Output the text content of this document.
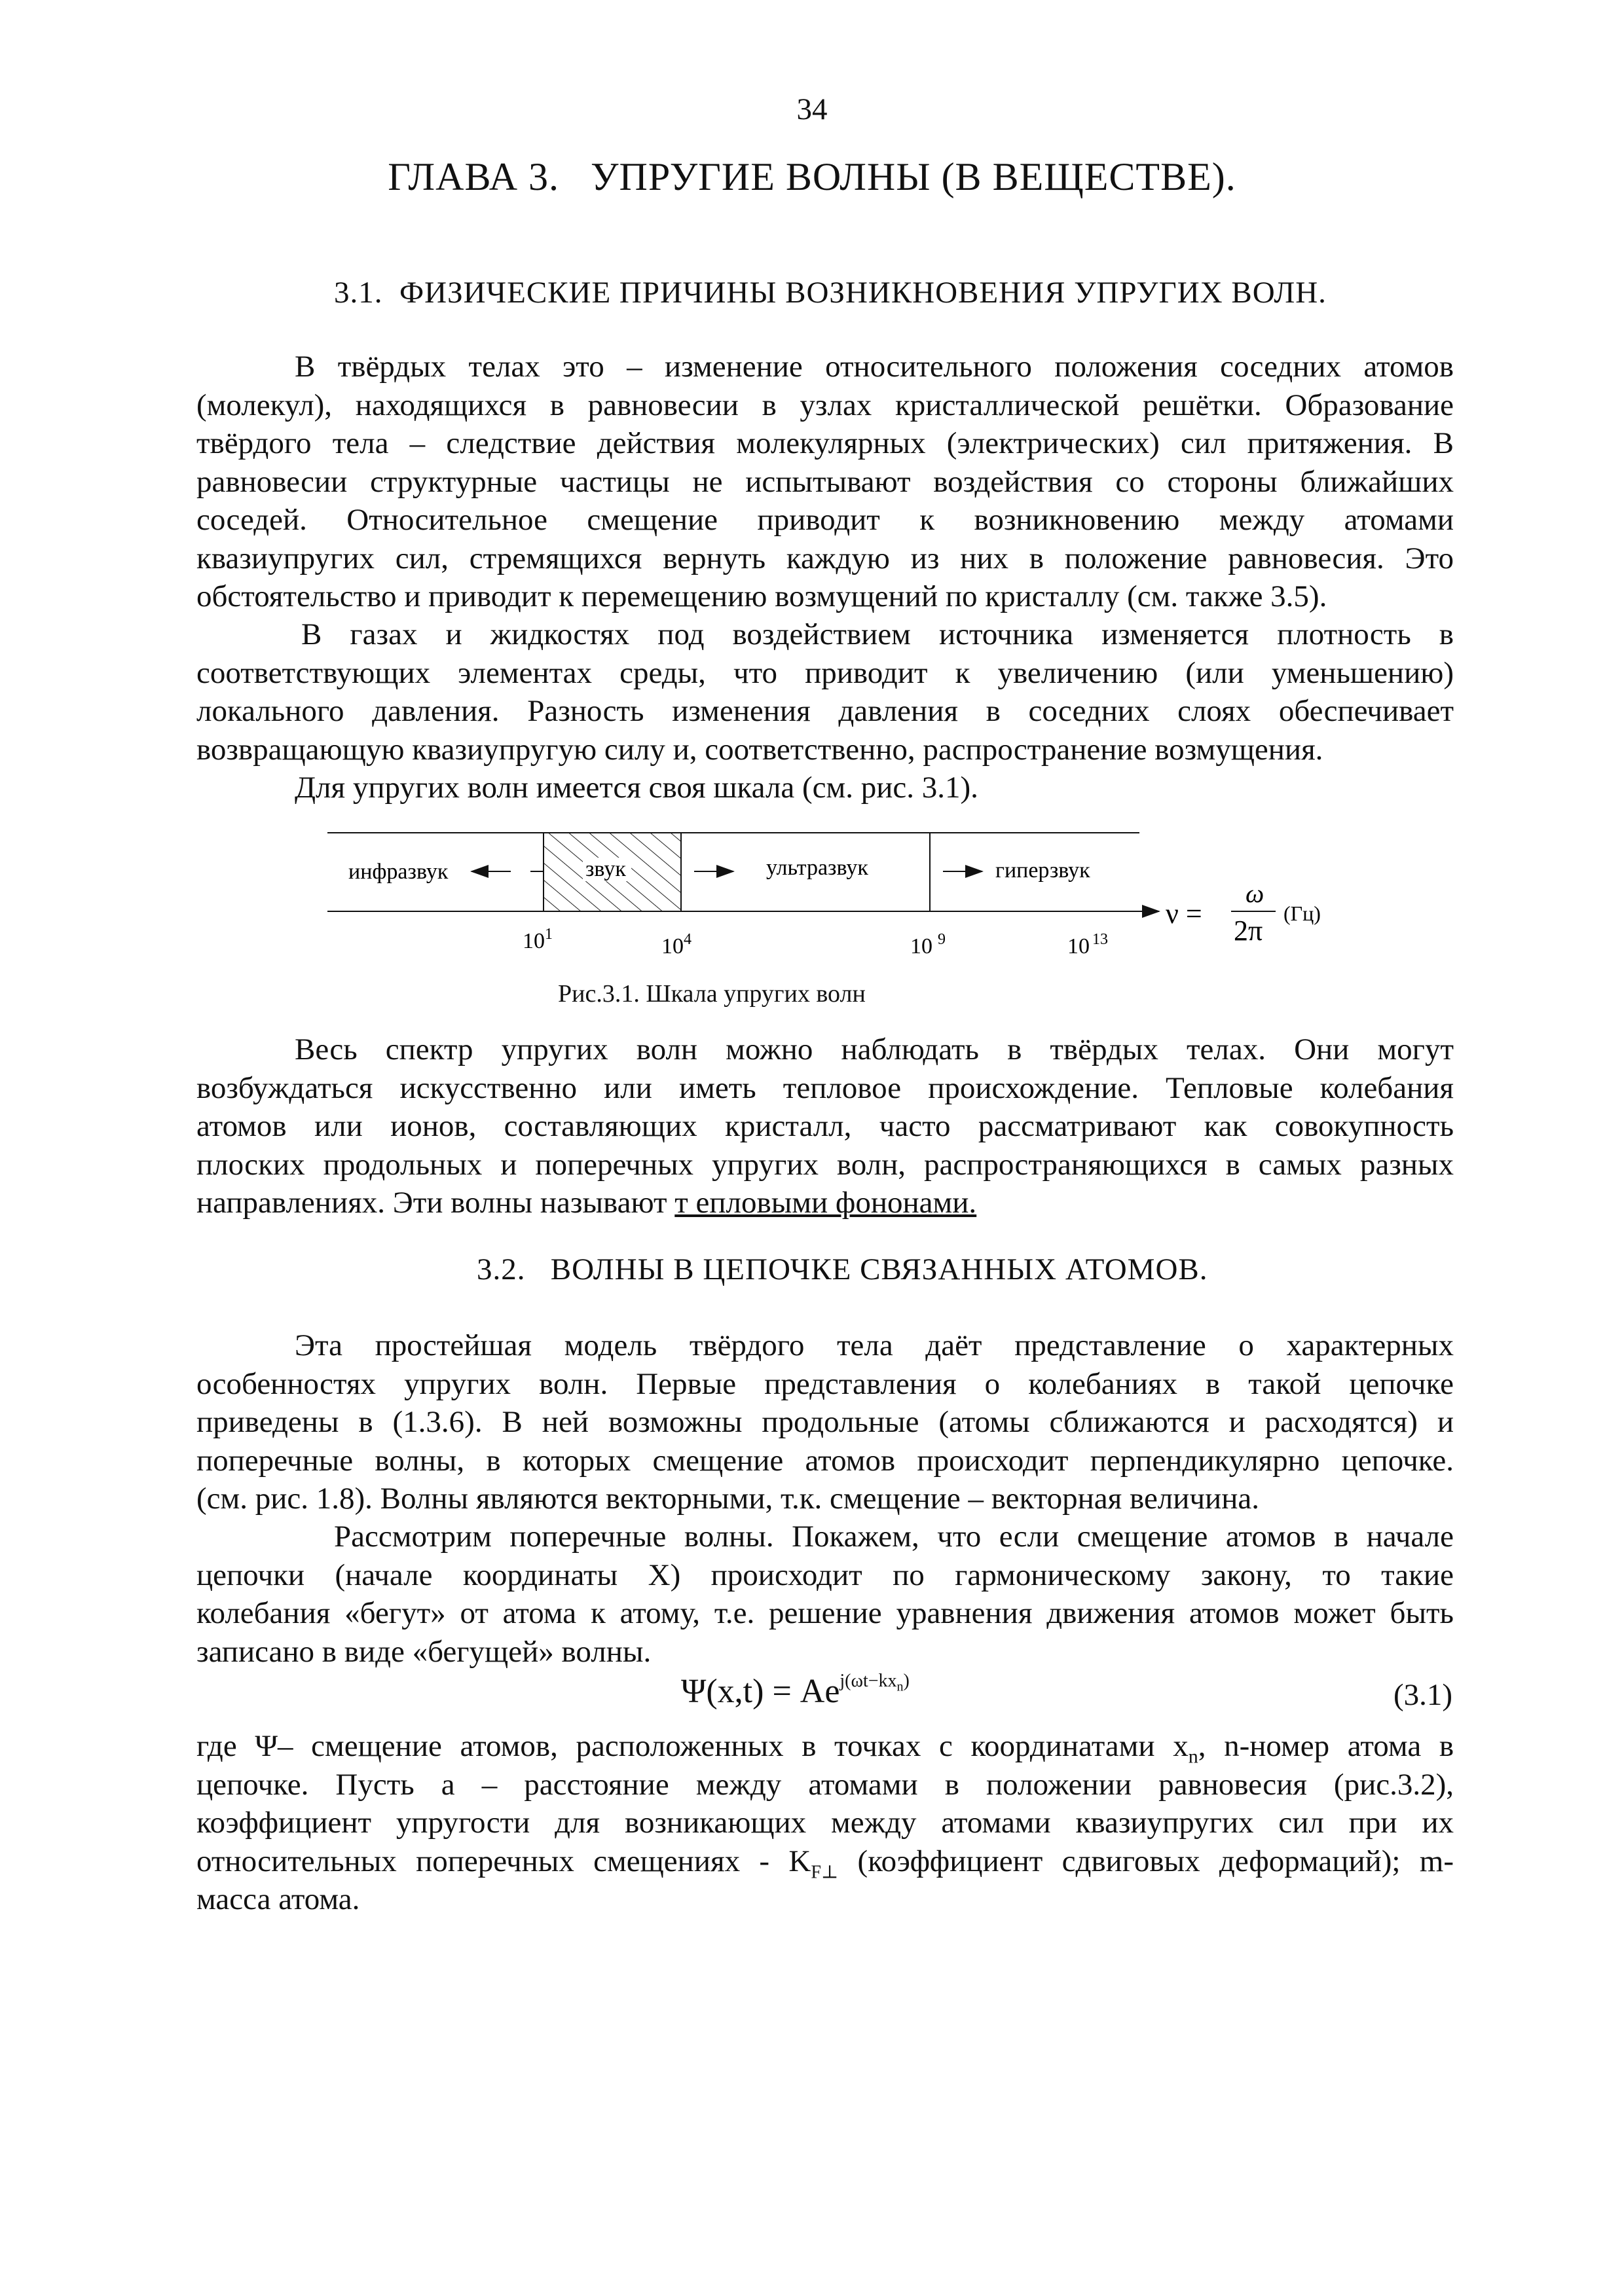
34
ГЛАВА 3.   УПРУГИЕ ВОЛНЫ (В ВЕЩЕСТВЕ).
3.1.  ФИЗИЧЕСКИЕ ПРИЧИНЫ ВОЗНИКНОВЕНИЯ УПРУГИХ ВОЛН.
В твёрдых телах это – изменение относительного положения соседних атомов
(молекул), находящихся в равновесии в узлах кристаллической решётки. Образование
твёрдого тела – следствие действия молекулярных (электрических) сил притяжения. В
равновесии структурные частицы не испытывают воздействия со стороны ближайших
соседей. Относительное смещение приводит к возникновению между атомами
квазиупругих сил, стремящихся вернуть каждую из них в положение равновесия. Это
обстоятельство и приводит к перемещению возмущений по кристаллу (см. также 3.5).
В газах и жидкостях под воздействием источника изменяется плотность в
соответствующих элементах среды, что приводит к увеличению (или уменьшению)
локального давления. Разность изменения давления в соседних слоях обеспечивает
возвращающую квазиупругую силу и, соответственно, распространение возмущения.
Для упругих волн имеется своя шкала (см. рис. 3.1).
инфразвук	звук	ультразвук	гиперзвук
$10^1$	$10^4$	10 $^9$	10 $^{13}$
ν =
ω
2π
(Гц)
Рис.3.1. Шкала упругих волн
Весь спектр упругих волн можно наблюдать в твёрдых телах. Они могут
возбуждаться искусственно или иметь тепловое происхождение. Тепловые колебания
атомов или ионов, составляющих кристалл, часто рассматривают как совокупность
плоских продольных и поперечных упругих волн, распространяющихся в самых разных
направлениях. Эти волны называют т епловыми фононами.
3.2.   ВОЛНЫ В ЦЕПОЧКЕ СВЯЗАННЫХ АТОМОВ.
Эта простейшая модель твёрдого тела даёт представление о характерных
особенностях упругих волн. Первые представления о колебаниях в такой цепочке
приведены в (1.3.6). В ней возможны продольные (атомы сближаются и расходятся) и
поперечные волны, в которых смещение атомов происходит перпендикулярно цепочке.
(см. рис. 1.8). Волны являются векторными, т.к. смещение – векторная величина.
Рассмотрим поперечные волны. Покажем, что если смещение атомов в начале
цепочки (начале координаты X) происходит по гармоническому закону, то такие
колебания «бегут» от атома к атому, т.е. решение уравнения движения атомов может быть
записано в виде «бегущей» волны.
$\Psi(x,t) = Ae^{j(\omega t-kx_n)}$	(3.1)
где Ψ– смещение атомов, расположенных в точках с координатами $x_n$, n-номер атома в
цепочке. Пусть a – расстояние между атомами в положении равновесия (рис.3.2),
коэффициент упругости для возникающих между атомами квазиупругих сил при их
относительных поперечных смещениях - $K_{F\perp}$ (коэффициент сдвиговых деформаций); m-
масса атома.
